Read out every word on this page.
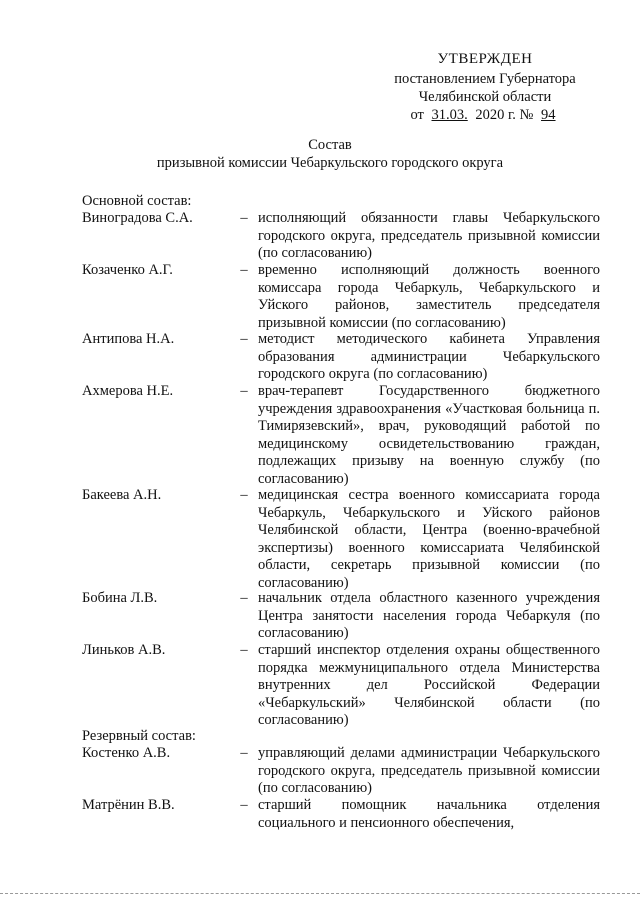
УТВЕРЖДЕН
постановлением Губернатора
Челябинской области
от 31.03. 2020 г. № 94
Состав
призывной комиссии Чебаркульского городского округа
Основной состав:
Виноградова С.А.	– исполняющий обязанности главы Чебаркульского городского округа, председатель призывной комиссии (по согласованию)
Козаченко А.Г.	– временно исполняющий должность военного комиссара города Чебаркуль, Чебаркульского и Уйского районов, заместитель председателя призывной комиссии (по согласованию)
Антипова Н.А.	– методист методического кабинета Управления образования администрации Чебаркульского городского округа (по согласованию)
Ахмерова Н.Е.	– врач-терапевт Государственного бюджетного учреждения здравоохранения «Участковая больница п. Тимирязевский», врач, руководящий работой по медицинскому освидетельствованию граждан, подлежащих призыву на военную службу (по согласованию)
Бакеева А.Н.	– медицинская сестра военного комиссариата города Чебаркуль, Чебаркульского и Уйского районов Челябинской области, Центра (военно-врачебной экспертизы) военного комиссариата Челябинской области, секретарь призывной комиссии (по согласованию)
Бобина Л.В.	– начальник отдела областного казенного учреждения Центра занятости населения города Чебаркуля (по согласованию)
Линьков А.В.	– старший инспектор отделения охраны общественного порядка межмуниципального отдела Министерства внутренних дел Российской Федерации «Чебаркульский» Челябинской области (по согласованию)
Резервный состав:
Костенко А.В.	– управляющий делами администрации Чебаркульского городского округа, председатель призывной комиссии (по согласованию)
Матрёнин В.В.	– старший помощник начальника отделения социального и пенсионного обеспечения,
